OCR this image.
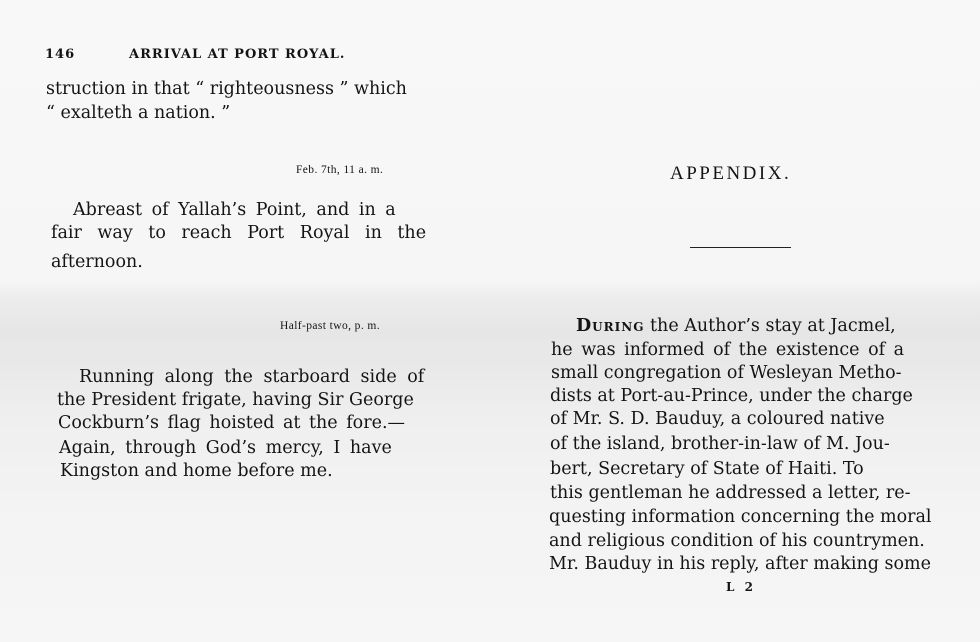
146	ARRIVAL AT PORT ROYAL.
struction in that “ righteousness ” which
“ exalteth a nation. ”
Feb. 7th, 11 a. m.
Abreast of Yallah’s Point, and in a
fair way to reach Port Royal in the
afternoon.
Half-past two, p. m.
Running along the starboard side of
the President frigate, having Sir George
Cockburn’s flag hoisted at the fore.—
Again, through God’s mercy, I have
Kingston and home before me.
APPENDIX.
During the Author’s stay at Jacmel,
he was informed of the existence of a
small congregation of Wesleyan Metho-
dists at Port-au-Prince, under the charge
of Mr. S. D. Bauduy, a coloured native
of the island, brother-in-law of M. Jou-
bert, Secretary of State of Haiti. To
this gentleman he addressed a letter, re-
questing information concerning the moral
and religious condition of his countrymen.
Mr. Bauduy in his reply, after making some
L 2
